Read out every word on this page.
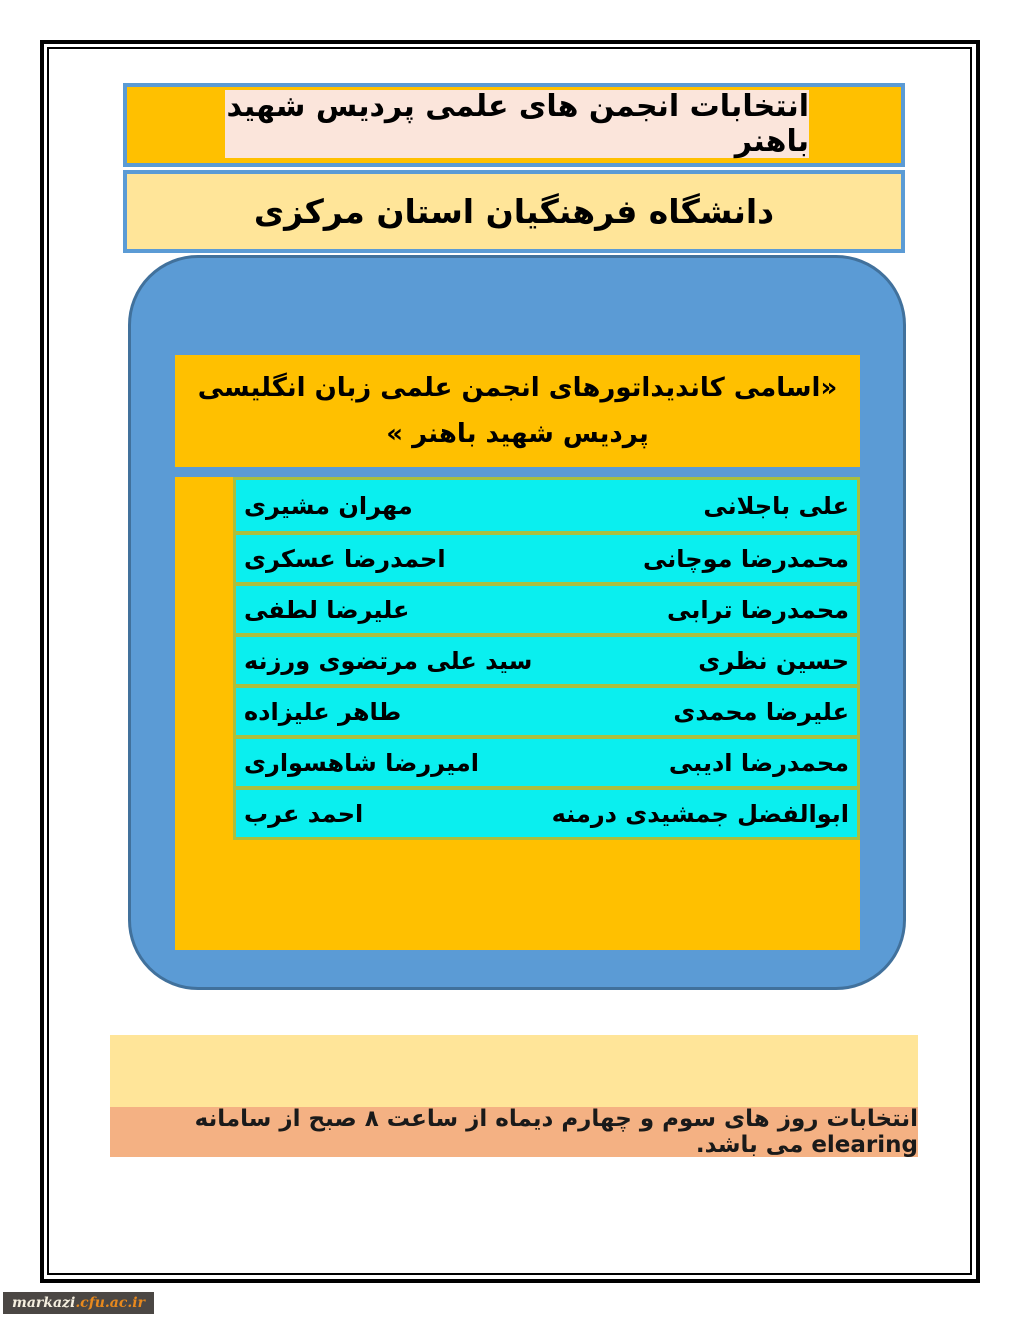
انتخابات انجمن های علمی پردیس شهید باهنر
دانشگاه فرهنگیان استان مرکزی
«اسامی کاندیداتورهای انجمن علمی زبان انگلیسی
پردیس شهید باهنر »
مهران مشیری	علی باجلانی
احمدرضا عسکری	محمدرضا موچانی
علیرضا لطفی	محمدرضا ترابی
سید علی مرتضوی ورزنه	حسین نظری
طاهر علیزاده	علیرضا محمدی
امیررضا شاهسواری	محمدرضا ادیبی
احمد عرب	ابوالفضل جمشیدی درمنه
انتخابات روز های سوم و چهارم دیماه از ساعت ۸ صبح از سامانه elearing می باشد.
markazi .cfu.ac.ir
